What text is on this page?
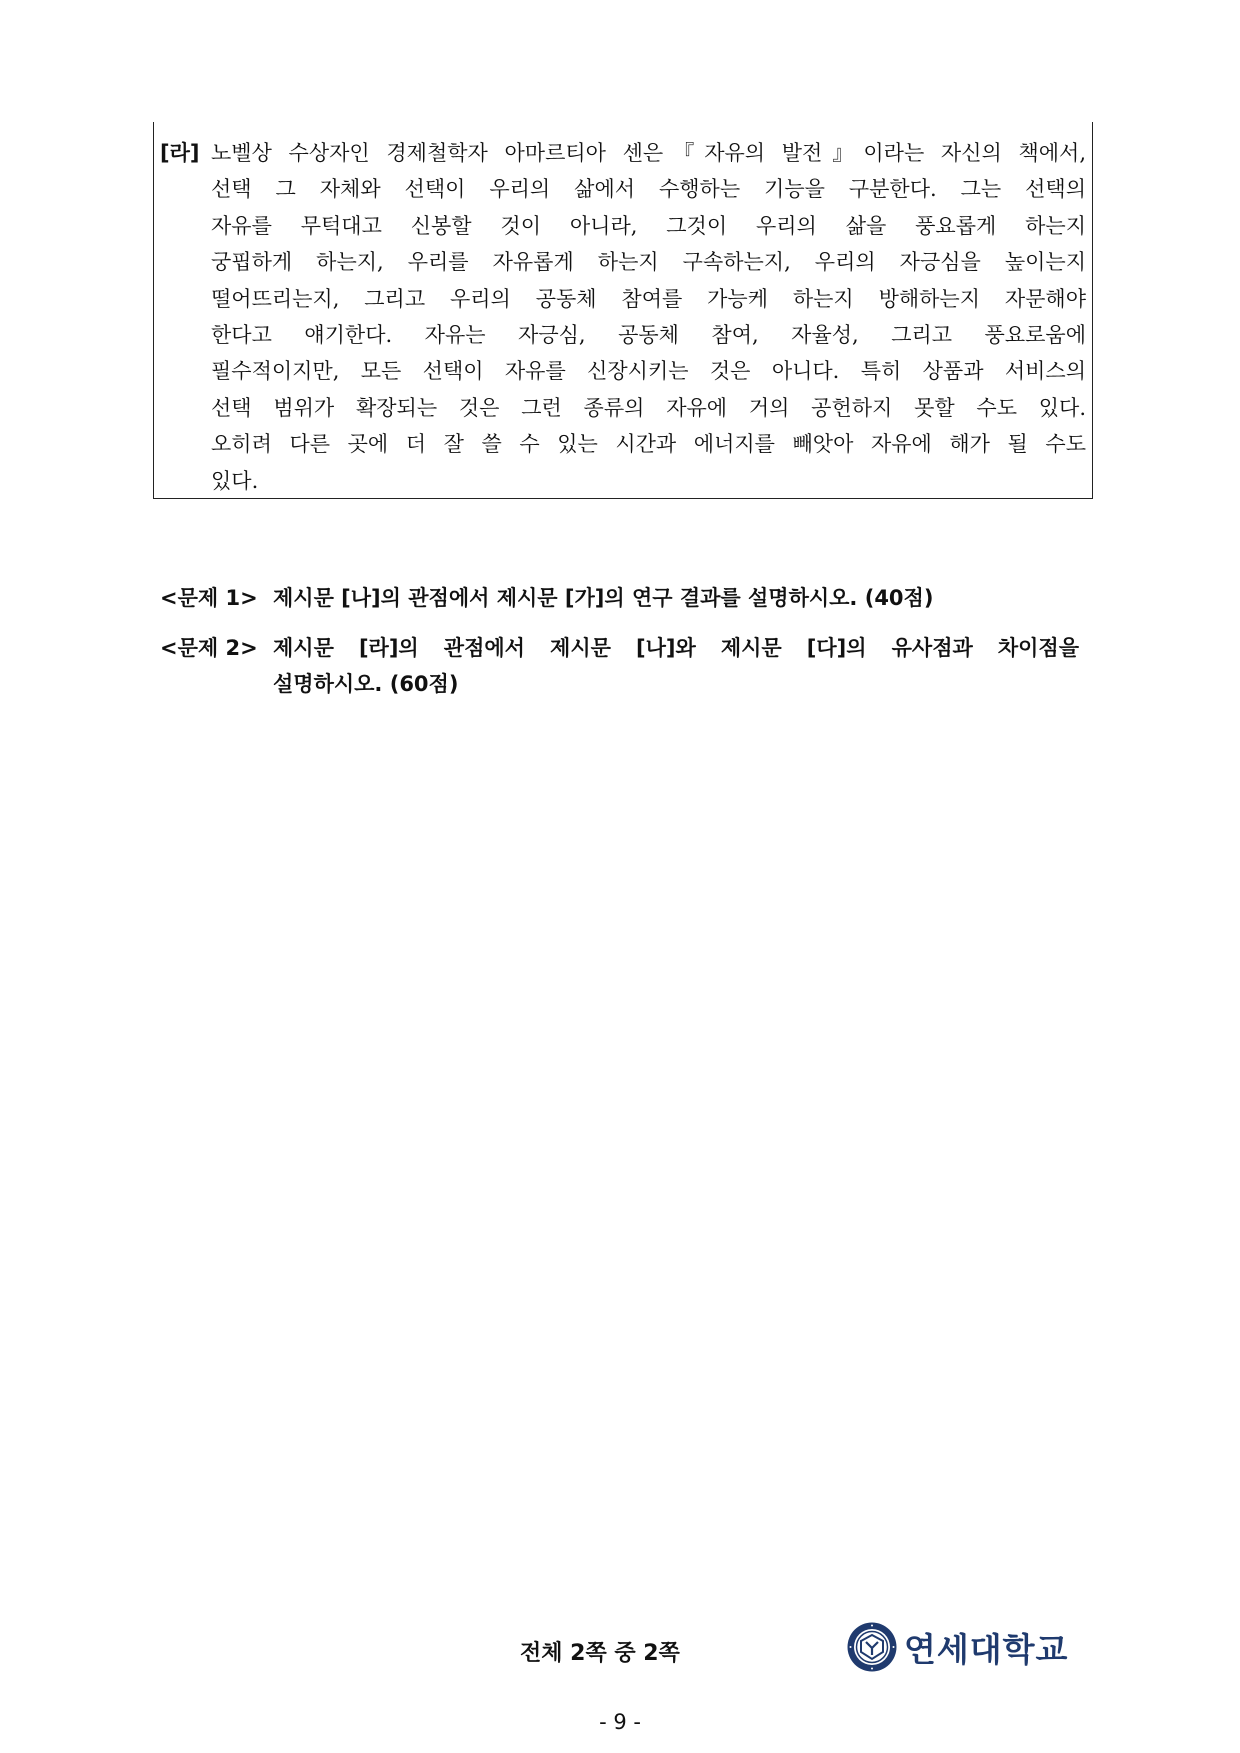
[라] 노벨상 수상자인 경제철학자 아마르티아 센은『자유의 발전』이라는 자신의 책에서,
선택 그 자체와 선택이 우리의 삶에서 수행하는 기능을 구분한다. 그는 선택의
자유를 무턱대고 신봉할 것이 아니라, 그것이 우리의 삶을 풍요롭게 하는지
궁핍하게 하는지, 우리를 자유롭게 하는지 구속하는지, 우리의 자긍심을 높이는지
떨어뜨리는지, 그리고 우리의 공동체 참여를 가능케 하는지 방해하는지 자문해야
한다고 얘기한다. 자유는 자긍심, 공동체 참여, 자율성, 그리고 풍요로움에
필수적이지만, 모든 선택이 자유를 신장시키는 것은 아니다. 특히 상품과 서비스의
선택 범위가 확장되는 것은 그런 종류의 자유에 거의 공헌하지 못할 수도 있다.
오히려 다른 곳에 더 잘 쓸 수 있는 시간과 에너지를 빼앗아 자유에 해가 될 수도
있다.
<문제 1> 제시문 [나]의 관점에서 제시문 [가]의 연구 결과를 설명하시오. (40점)
<문제 2> 제시문 [라]의 관점에서 제시문 [나]와 제시문 [다]의 유사점과 차이점을
설명하시오. (60점)
전체 2쪽 중 2쪽	연세대학교
- 9 -
